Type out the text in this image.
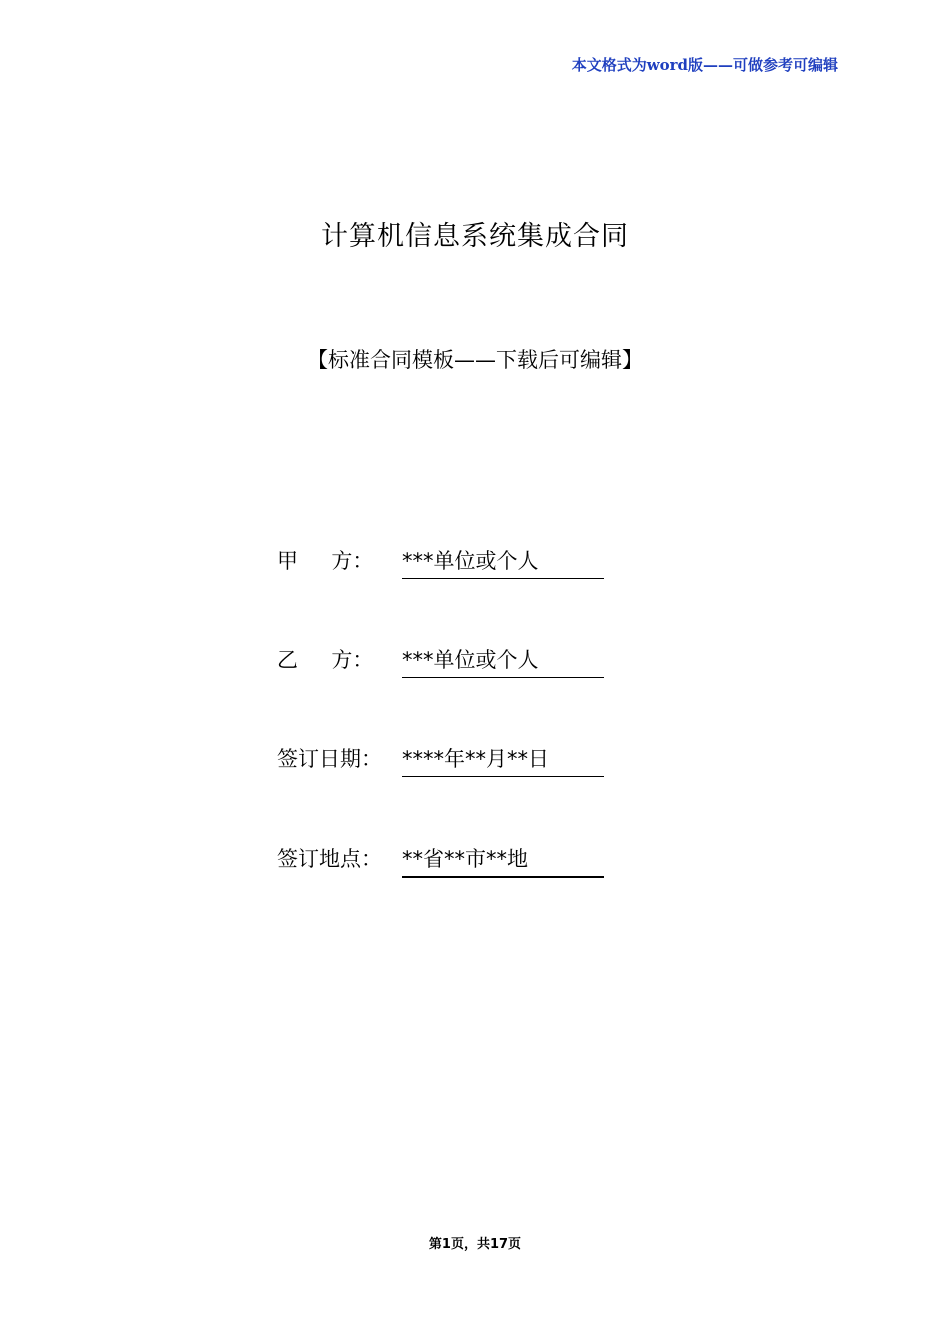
本文格式为word版——可做参考可编辑
计算机信息系统集成合同
【标准合同模板——下载后可编辑】
甲     方： ***单位或个人
乙     方： ***单位或个人
签订日期： ****年**月**日
签订地点： **省**市**地
第1页，共17页
